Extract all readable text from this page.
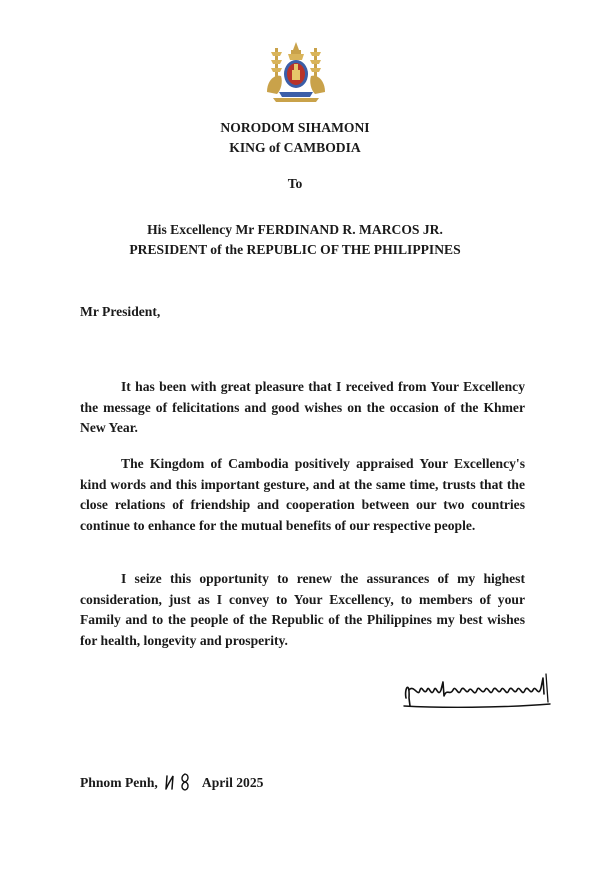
NORODOM SIHAMONI
KING of CAMBODIA
To
His Excellency Mr FERDINAND R. MARCOS JR.
PRESIDENT of the REPUBLIC OF THE PHILIPPINES
Mr President,

It has been with great pleasure that I received from Your Excellency the message of felicitations and good wishes on the occasion of the Khmer New Year.

The Kingdom of Cambodia positively appraised Your Excellency's kind words and this important gesture, and at the same time, trusts that the close relations of friendship and cooperation between our two countries continue to enhance for the mutual benefits of our respective people.

I seize this opportunity to renew the assurances of my highest consideration, just as I convey to Your Excellency, to members of your Family and to the people of the Republic of the Philippines my best wishes for health, longevity and prosperity.

Phnom Penh,	April 2025
